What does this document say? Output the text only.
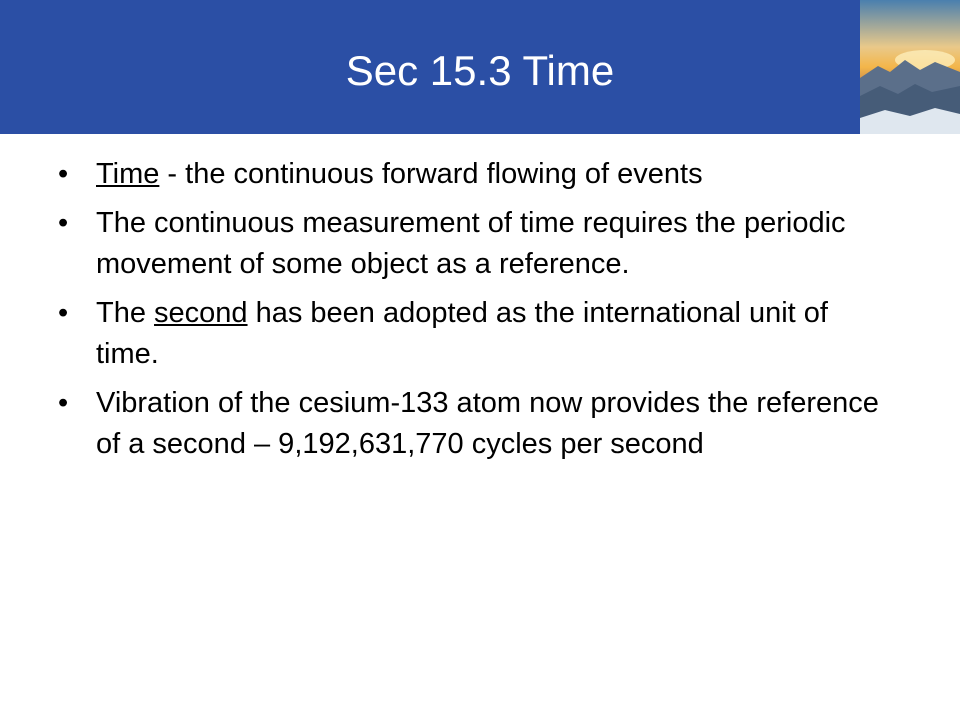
Sec 15.3 Time
• Time - the continuous forward flowing of events
• The continuous measurement of time requires the periodic movement of some object as a reference.
• The second has been adopted as the international unit of time.
• Vibration of the cesium-133 atom now provides the reference of a second – 9,192,631,770 cycles per second
